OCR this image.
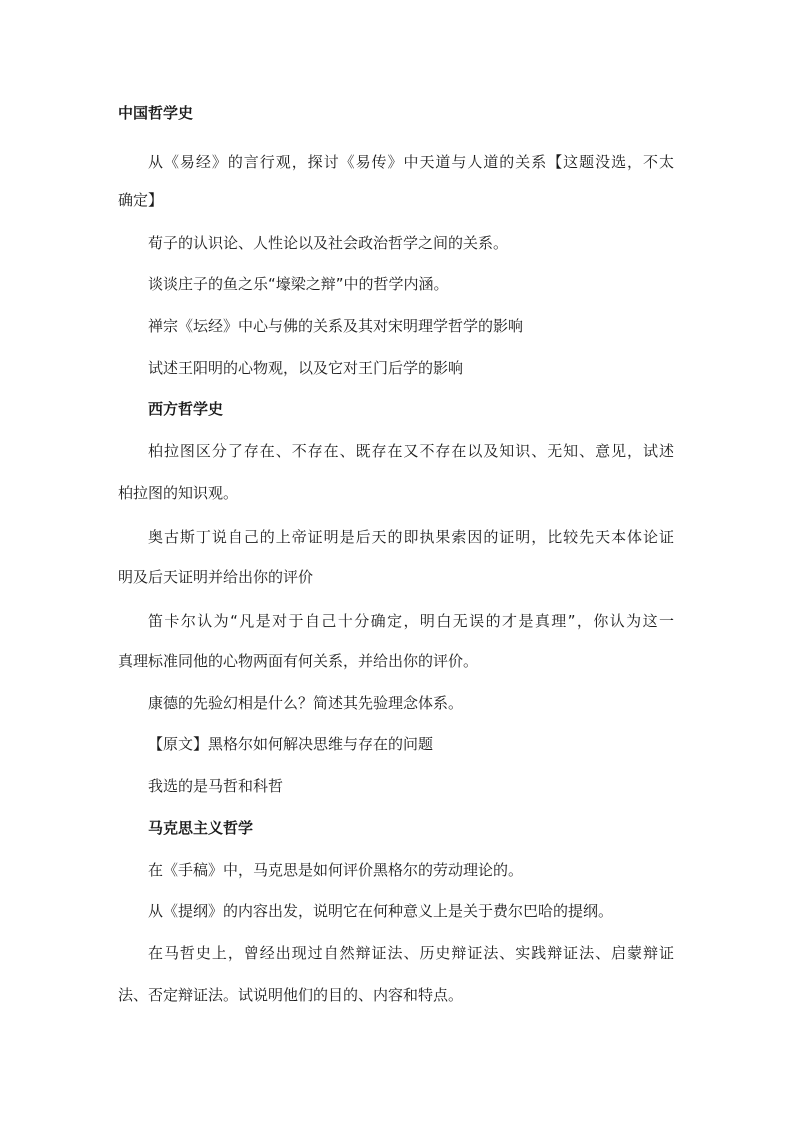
中国哲学史
从《易经》的言行观，探讨《易传》中天道与人道的关系【这题没选，不太
确定】
荀子的认识论、人性论以及社会政治哲学之间的关系。
谈谈庄子的鱼之乐“壕梁之辩”中的哲学内涵。
禅宗《坛经》中心与佛的关系及其对宋明理学哲学的影响
试述王阳明的心物观，以及它对王门后学的影响
西方哲学史
柏拉图区分了存在、不存在、既存在又不存在以及知识、无知、意见，试述
柏拉图的知识观。
奥古斯丁说自己的上帝证明是后天的即执果索因的证明，比较先天本体论证
明及后天证明并给出你的评价
笛卡尔认为“凡是对于自己十分确定，明白无误的才是真理”，你认为这一
真理标准同他的心物两面有何关系，并给出你的评价。
康德的先验幻相是什么？简述其先验理念体系。
【原文】黑格尔如何解决思维与存在的问题
我选的是马哲和科哲
马克思主义哲学
在《手稿》中，马克思是如何评价黑格尔的劳动理论的。
从《提纲》的内容出发，说明它在何种意义上是关于费尔巴哈的提纲。
在马哲史上，曾经出现过自然辩证法、历史辩证法、实践辩证法、启蒙辩证
法、否定辩证法。试说明他们的目的、内容和特点。
